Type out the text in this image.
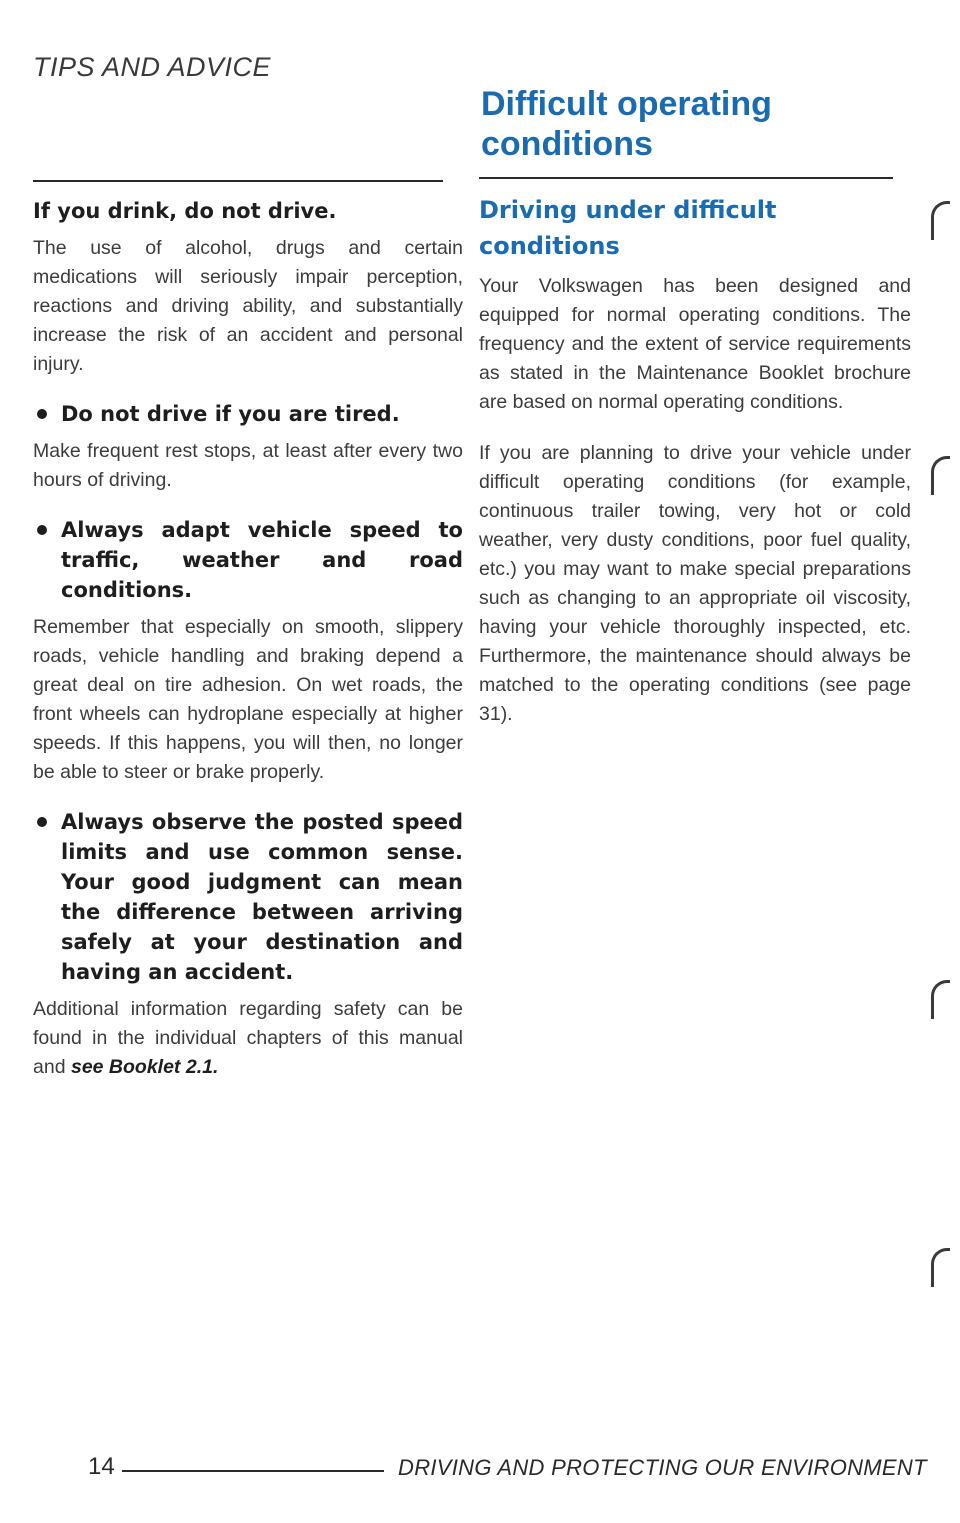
TIPS AND ADVICE
Difficult operating
conditions
If you drink, do not drive.

The use of alcohol, drugs and certain medications will seriously impair perception, reactions and driving ability, and substantially increase the risk of an accident and personal injury.

Do not drive if you are tired.

Make frequent rest stops, at least after every two hours of driving.

Always adapt vehicle speed to traffic, weather and road conditions.

Remember that especially on smooth, slippery roads, vehicle handling and braking depend a great deal on tire adhesion. On wet roads, the front wheels can hydroplane especially at higher speeds. If this happens, you will then, no longer be able to steer or brake properly.

Always observe the posted speed limits and use common sense. Your good judgment can mean the difference between arriving safely at your destination and having an accident.

Additional information regarding safety can be found in the individual chapters of this manual and see Booklet 2.1.

Driving under difficult
conditions

Your Volkswagen has been designed and equipped for normal operating conditions. The frequency and the extent of service requirements as stated in the Maintenance Booklet brochure are based on normal operating conditions.

If you are planning to drive your vehicle under difficult operating conditions (for example, continuous trailer towing, very hot or cold weather, very dusty conditions, poor fuel quality, etc.) you may want to make special preparations such as changing to an appropriate oil viscosity, having your vehicle thoroughly inspected, etc. Furthermore, the maintenance should always be matched to the operating conditions (see page 31).

14	DRIVING AND PROTECTING OUR ENVIRONMENT
